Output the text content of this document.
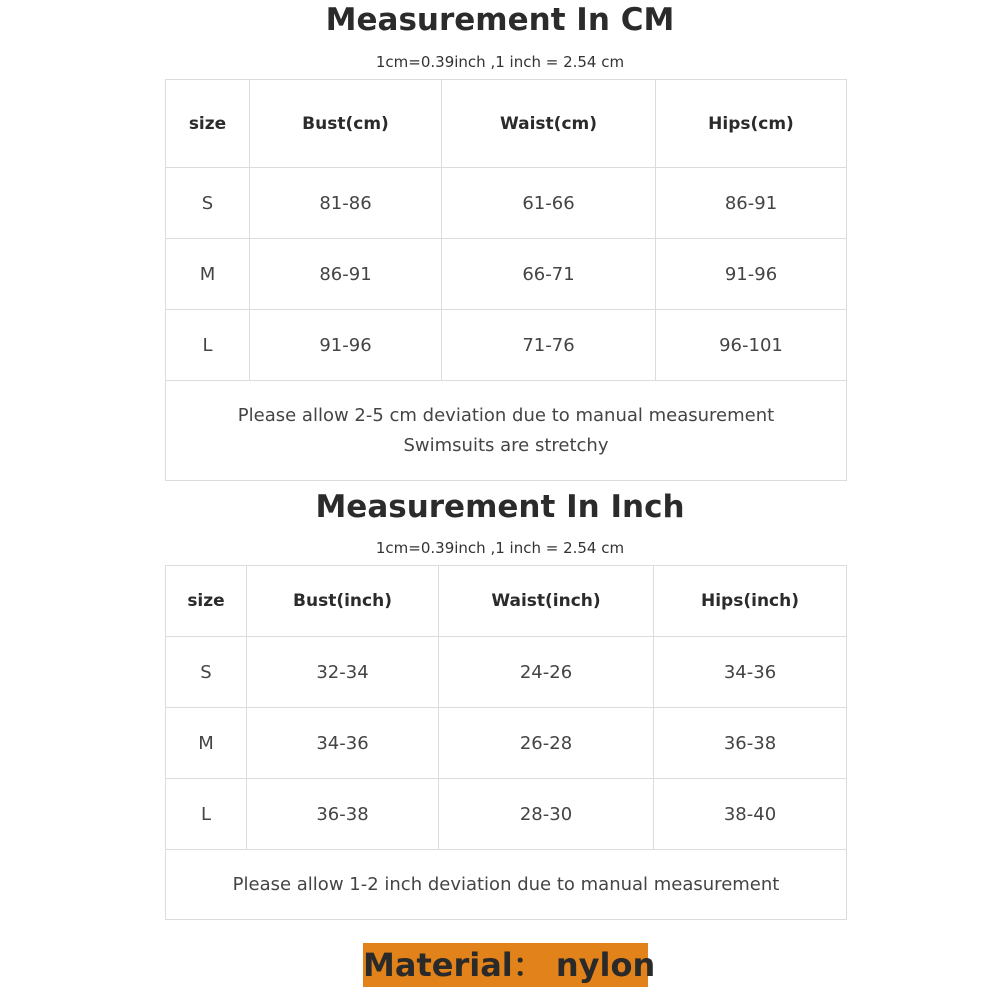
Measurement In CM

1cm=0.39inch ,1 inch = 2.54 cm

size	Bust(cm)	Waist(cm)	Hips(cm)
S	81-86	61-66	86-91
M	86-91	66-71	91-96
L	91-96	71-76	96-101

Please allow 2-5 cm deviation due to manual measurement
Swimsuits are stretchy			
Measurement In Inch

1cm=0.39inch ,1 inch = 2.54 cm

size	Bust(inch)	Waist(inch)	Hips(inch)
S	32-34	24-26	34-36
M	34-36	26-28	36-38
L	36-38	28-30	38-40

Please allow 1-2 inch deviation due to manual measurement			
Material： nylon
